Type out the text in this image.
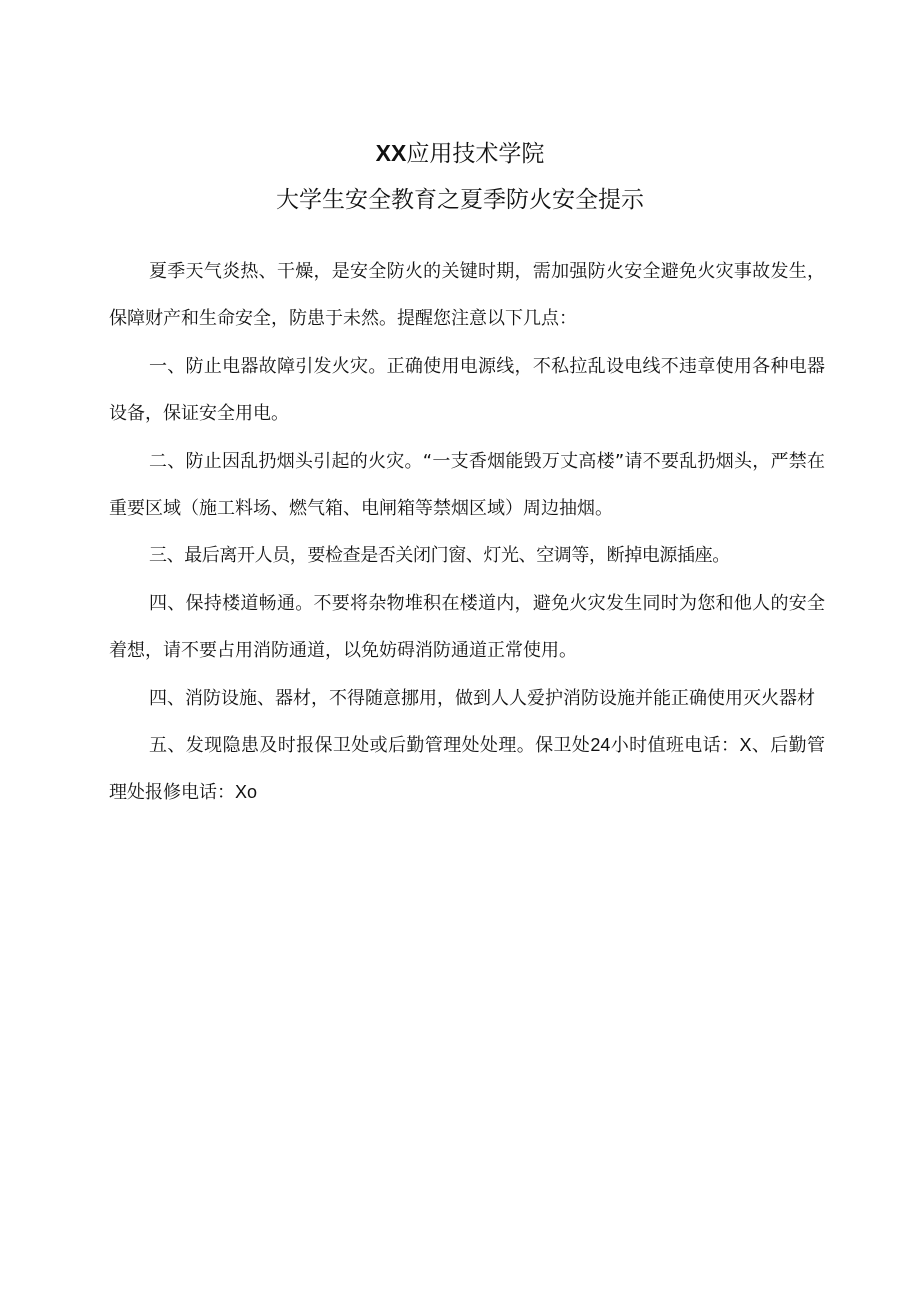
XX应用技术学院
大学生安全教育之夏季防火安全提示

夏季天气炎热、干燥，是安全防火的关键时期，需加强防火安全避免火灾事故发生，保障财产和生命安全，防患于未然。提醒您注意以下几点：

一、防止电器故障引发火灾。正确使用电源线，不私拉乱设电线不违章使用各种电器设备，保证安全用电。

二、防止因乱扔烟头引起的火灾。“一支香烟能毁万丈高楼”请不要乱扔烟头，严禁在重要区域（施工料场、燃气箱、电闸箱等禁烟区域）周边抽烟。

三、最后离开人员，要检查是否关闭门窗、灯光、空调等，断掉电源插座。

四、保持楼道畅通。不要将杂物堆积在楼道内，避免火灾发生同时为您和他人的安全着想，请不要占用消防通道，以免妨碍消防通道正常使用。

四、消防设施、器材，不得随意挪用，做到人人爱护消防设施并能正确使用灭火器材

五、发现隐患及时报保卫处或后勤管理处处理。保卫处24小时值班电话：X、后勤管理处报修电话：Xo
